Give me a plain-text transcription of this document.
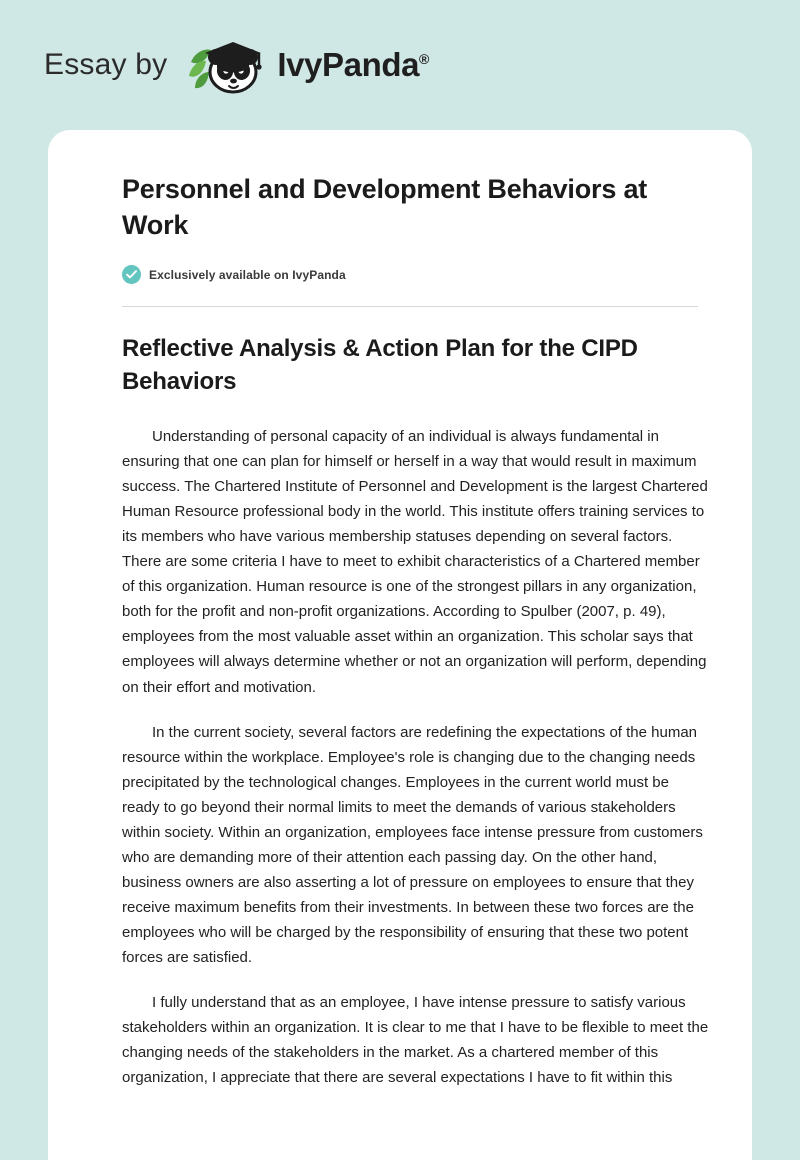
Essay by	IvyPanda®
Personnel and Development Behaviors at Work
Exclusively available on IvyPanda
Reflective Analysis & Action Plan for the CIPD Behaviors

Understanding of personal capacity of an individual is always fundamental in ensuring that one can plan for himself or herself in a way that would result in maximum success. The Chartered Institute of Personnel and Development is the largest Chartered Human Resource professional body in the world. This institute offers training services to its members who have various membership statuses depending on several factors. There are some criteria I have to meet to exhibit characteristics of a Chartered member of this organization. Human resource is one of the strongest pillars in any organization, both for the profit and non-profit organizations. According to Spulber (2007, p. 49), employees from the most valuable asset within an organization. This scholar says that employees will always determine whether or not an organization will perform, depending on their effort and motivation.

In the current society, several factors are redefining the expectations of the human resource within the workplace. Employee's role is changing due to the changing needs precipitated by the technological changes. Employees in the current world must be ready to go beyond their normal limits to meet the demands of various stakeholders within society. Within an organization, employees face intense pressure from customers who are demanding more of their attention each passing day. On the other hand, business owners are also asserting a lot of pressure on employees to ensure that they receive maximum benefits from their investments. In between these two forces are the employees who will be charged by the responsibility of ensuring that these two potent forces are satisfied.

I fully understand that as an employee, I have intense pressure to satisfy various stakeholders within an organization. It is clear to me that I have to be flexible to meet the changing needs of the stakeholders in the market. As a chartered member of this organization, I appreciate that there are several expectations I have to fit within this
